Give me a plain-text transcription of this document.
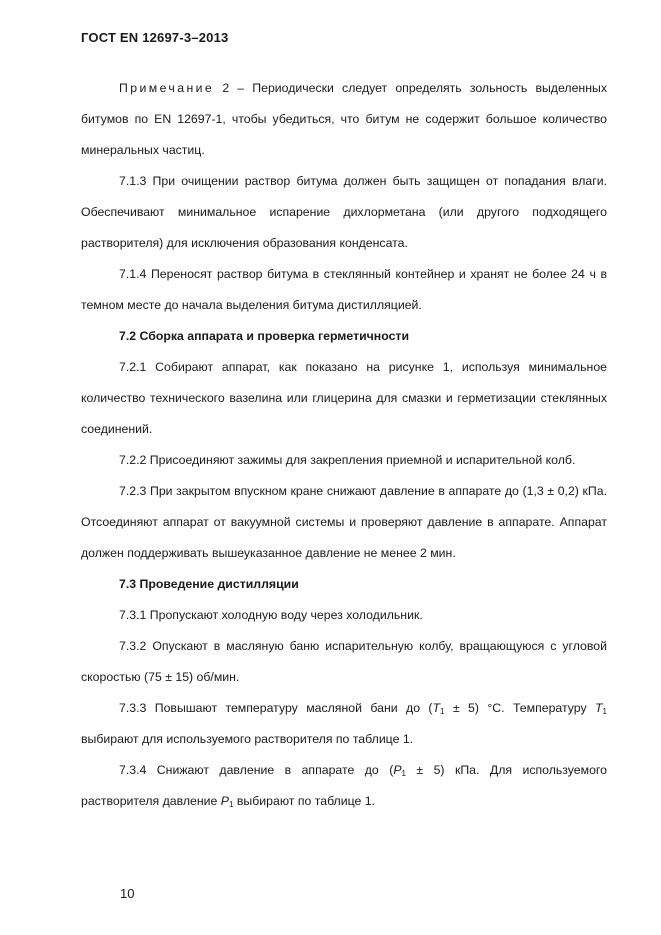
ГОСТ EN 12697-3–2013

Примечание 2 – Периодически следует определять зольность выделенных битумов по EN 12697-1, чтобы убедиться, что битум не содержит большое количество минеральных частиц.

7.1.3 При очищении раствор битума должен быть защищен от попадания влаги. Обеспечивают минимальное испарение дихлорметана (или другого подходящего растворителя) для исключения образования конденсата.

7.1.4 Переносят раствор битума в стеклянный контейнер и хранят не более 24 ч в темном месте до начала выделения битума дистилляцией.

7.2 Сборка аппарата и проверка герметичности

7.2.1 Собирают аппарат, как показано на рисунке 1, используя минимальное количество технического вазелина или глицерина для смазки и герметизации стеклянных соединений.

7.2.2 Присоединяют зажимы для закрепления приемной и испарительной колб.

7.2.3 При закрытом впускном кране снижают давление в аппарате до (1,3 ± 0,2) кПа. Отсоединяют аппарат от вакуумной системы и проверяют давление в аппарате. Аппарат должен поддерживать вышеуказанное давление не менее 2 мин.

7.3 Проведение дистилляции

7.3.1 Пропускают холодную воду через холодильник.

7.3.2 Опускают в масляную баню испарительную колбу, вращающуюся с угловой скоростью (75 ± 15) об/мин.

7.3.3 Повышают температуру масляной бани до $(T_1 \pm 5)$ °С. Температуру $T_1$ выбирают для используемого растворителя по таблице 1.

7.3.4 Снижают давление в аппарате до $(P_1 \pm 5)$ кПа. Для используемого растворителя давление $P_1$ выбирают по таблице 1.

10
